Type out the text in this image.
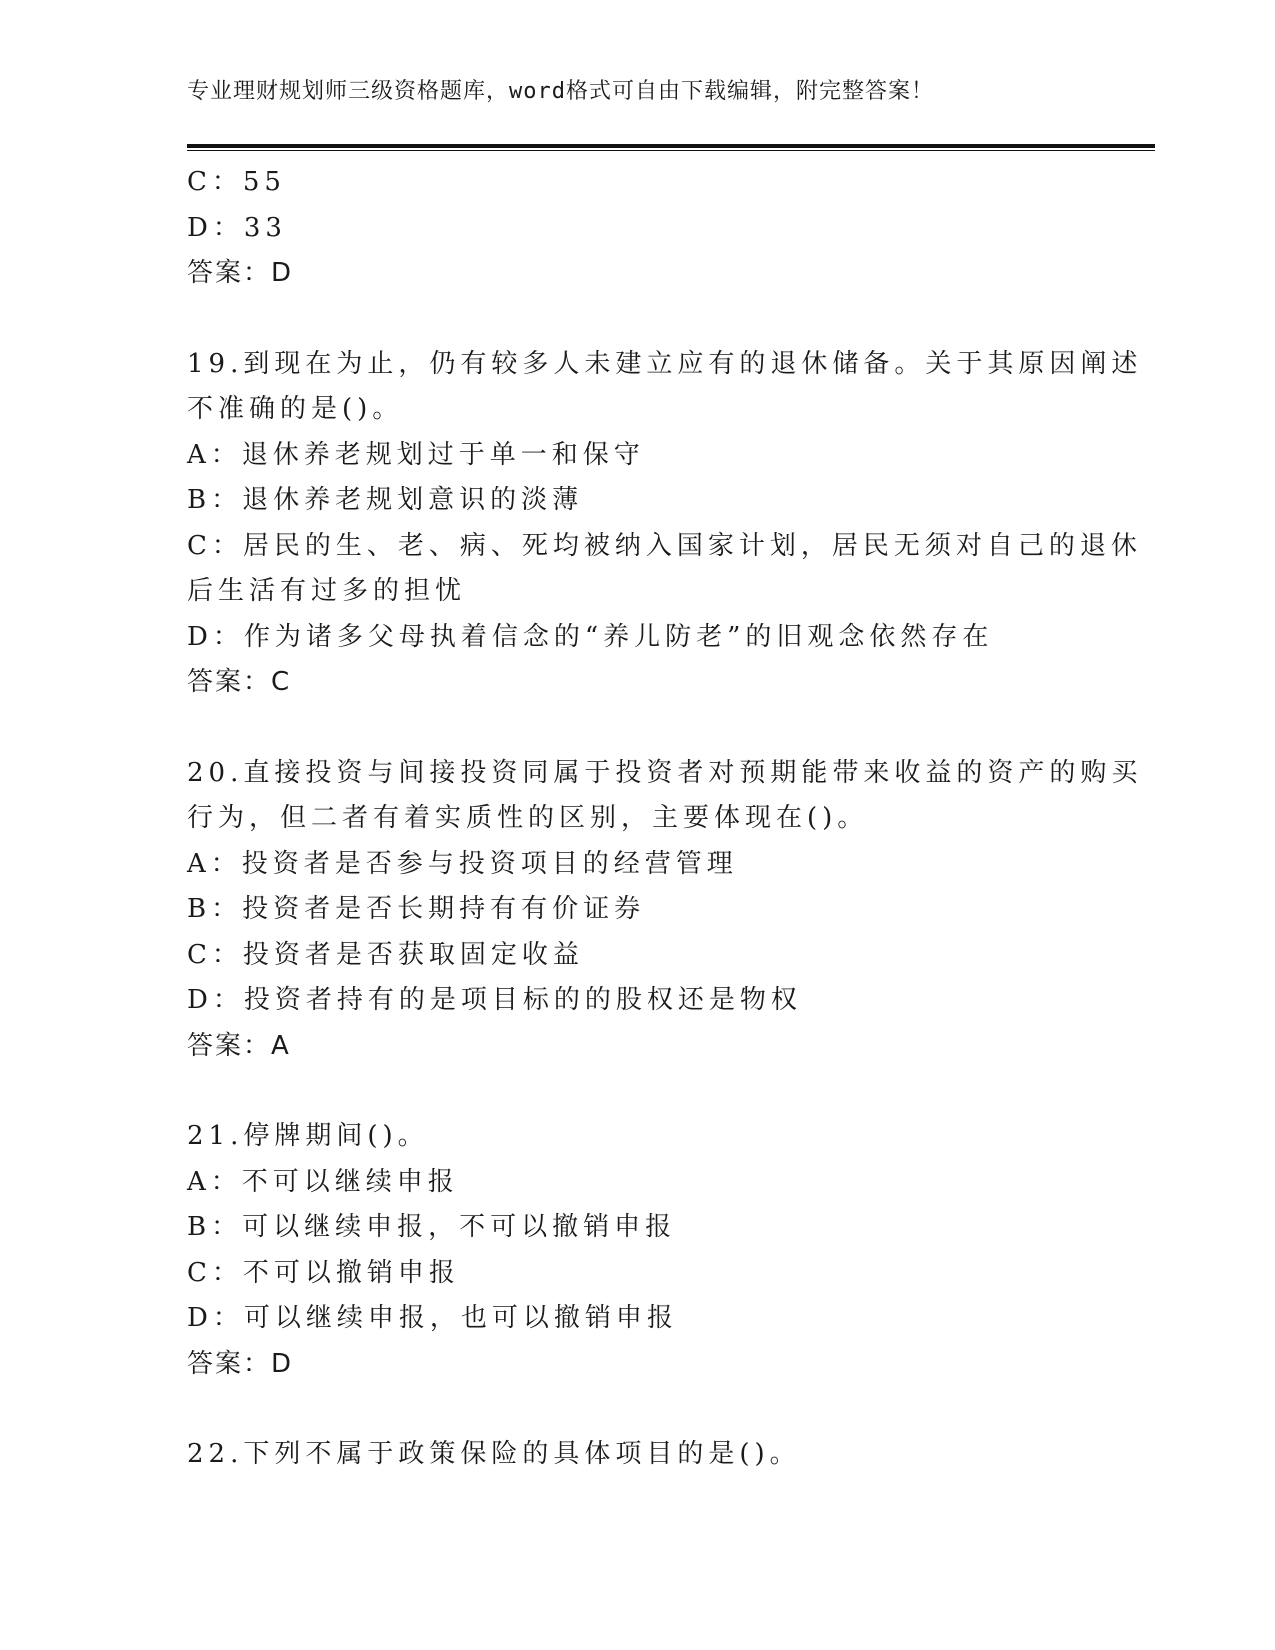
专业理财规划师三级资格题库，word格式可自由下载编辑，附完整答案！
C：55
D：33
答案：D
19.到现在为止，仍有较多人未建立应有的退休储备。关于其原因阐述
不准确的是()。
A：退休养老规划过于单一和保守
B：退休养老规划意识的淡薄
C：居民的生、老、病、死均被纳入国家计划，居民无须对自己的退休
后生活有过多的担忧
D：作为诸多父母执着信念的“养儿防老”的旧观念依然存在
答案：C
20.直接投资与间接投资同属于投资者对预期能带来收益的资产的购买
行为，但二者有着实质性的区别，主要体现在()。
A：投资者是否参与投资项目的经营管理
B：投资者是否长期持有有价证券
C：投资者是否获取固定收益
D：投资者持有的是项目标的的股权还是物权
答案：A
21.停牌期间()。
A：不可以继续申报
B：可以继续申报，不可以撤销申报
C：不可以撤销申报
D：可以继续申报，也可以撤销申报
答案：D
22.下列不属于政策保险的具体项目的是()。
